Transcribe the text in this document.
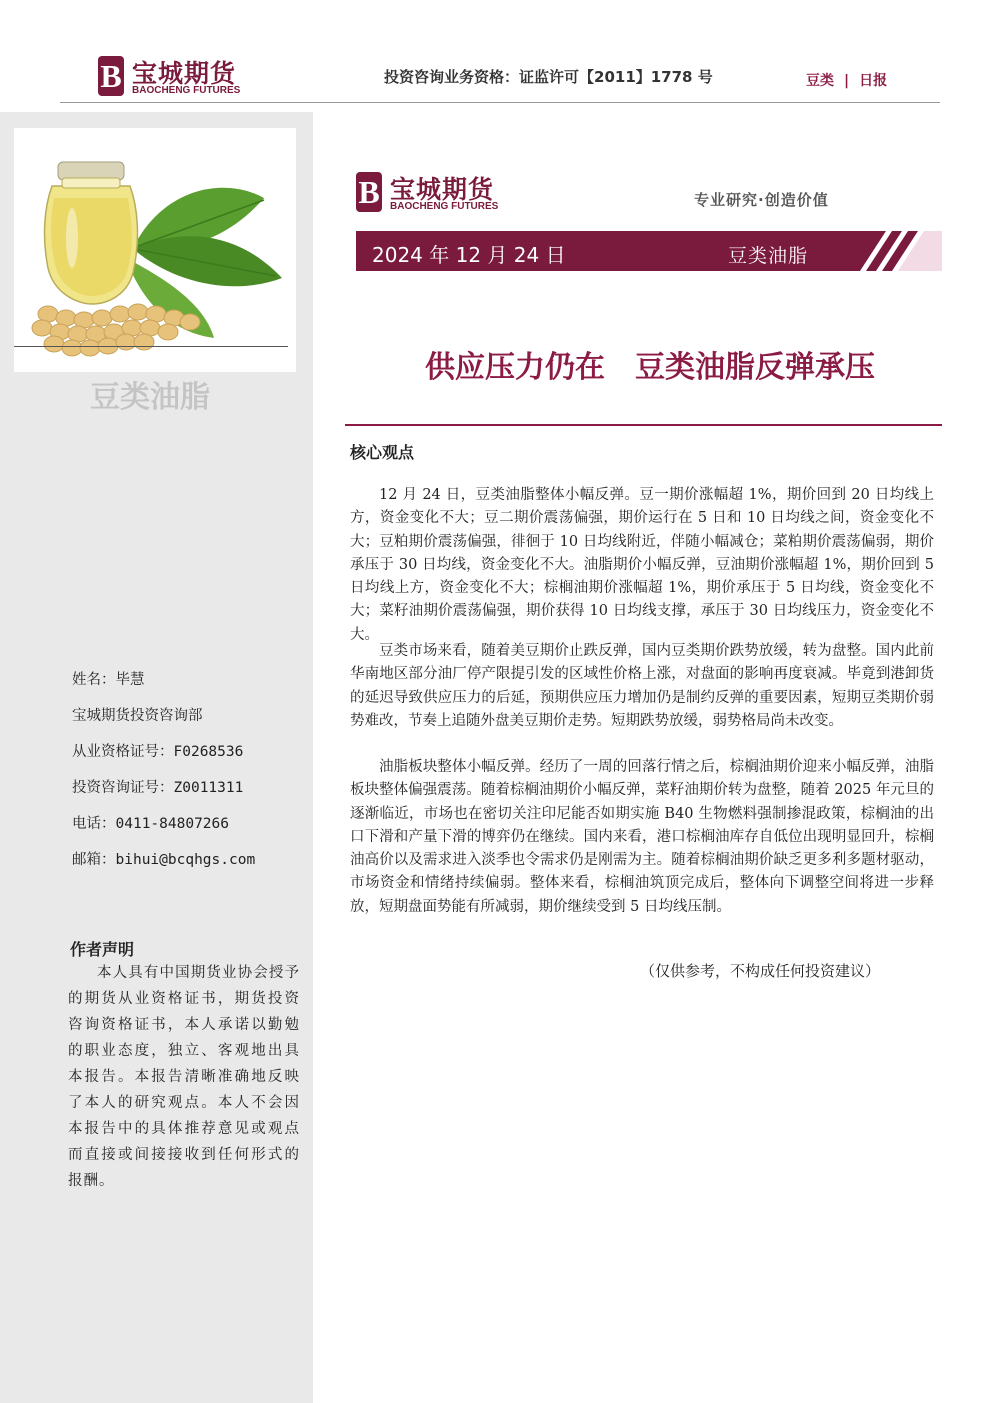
B 宝城期货
BAOCHENG FUTURES
投资咨询业务资格：证监许可【2011】1778 号	豆类 | 日报
豆类油脂
姓名：毕慧
宝城期货投资咨询部
从业资格证号：F0268536
投资咨询证号：Z0011311
电话：0411-84807266
邮箱：bihui@bcqhgs.com
作者声明
本人具有中国期货业协会授予的期货从业资格证书，期货投资咨询资格证书，本人承诺以勤勉的职业态度，独立、客观地出具本报告。本报告清晰准确地反映了本人的研究观点。本人不会因本报告中的具体推荐意见或观点而直接或间接接收到任何形式的报酬。
B 宝城期货
BAOCHENG FUTURES	专业研究·创造价值
2024 年 12 月 24 日	豆类油脂
供应压力仍在　豆类油脂反弹承压
核心观点
12 月 24 日，豆类油脂整体小幅反弹。豆一期价涨幅超 1%，期价回到 20 日均线上方，资金变化不大；豆二期价震荡偏强，期价运行在 5 日和 10 日均线之间，资金变化不大；豆粕期价震荡偏强，徘徊于 10 日均线附近，伴随小幅减仓；菜粕期价震荡偏弱，期价承压于 30 日均线，资金变化不大。油脂期价小幅反弹，豆油期价涨幅超 1%，期价回到 5 日均线上方，资金变化不大；棕榈油期价涨幅超 1%，期价承压于 5 日均线，资金变化不大；菜籽油期价震荡偏强，期价获得 10 日均线支撑，承压于 30 日均线压力，资金变化不大。
豆类市场来看，随着美豆期价止跌反弹，国内豆类期价跌势放缓，转为盘整。国内此前华南地区部分油厂停产限提引发的区域性价格上涨，对盘面的影响再度衰减。毕竟到港卸货的延迟导致供应压力的后延，预期供应压力增加仍是制约反弹的重要因素，短期豆类期价弱势难改，节奏上追随外盘美豆期价走势。短期跌势放缓，弱势格局尚未改变。
油脂板块整体小幅反弹。经历了一周的回落行情之后，棕榈油期价迎来小幅反弹，油脂板块整体偏强震荡。随着棕榈油期价小幅反弹，菜籽油期价转为盘整，随着 2025 年元旦的逐渐临近，市场也在密切关注印尼能否如期实施 B40 生物燃料强制掺混政策，棕榈油的出口下滑和产量下滑的博弈仍在继续。国内来看，港口棕榈油库存自低位出现明显回升，棕榈油高价以及需求进入淡季也令需求仍是刚需为主。随着棕榈油期价缺乏更多利多题材驱动，市场资金和情绪持续偏弱。整体来看，棕榈油筑顶完成后，整体向下调整空间将进一步释放，短期盘面势能有所减弱，期价继续受到 5 日均线压制。
（仅供参考，不构成任何投资建议）
